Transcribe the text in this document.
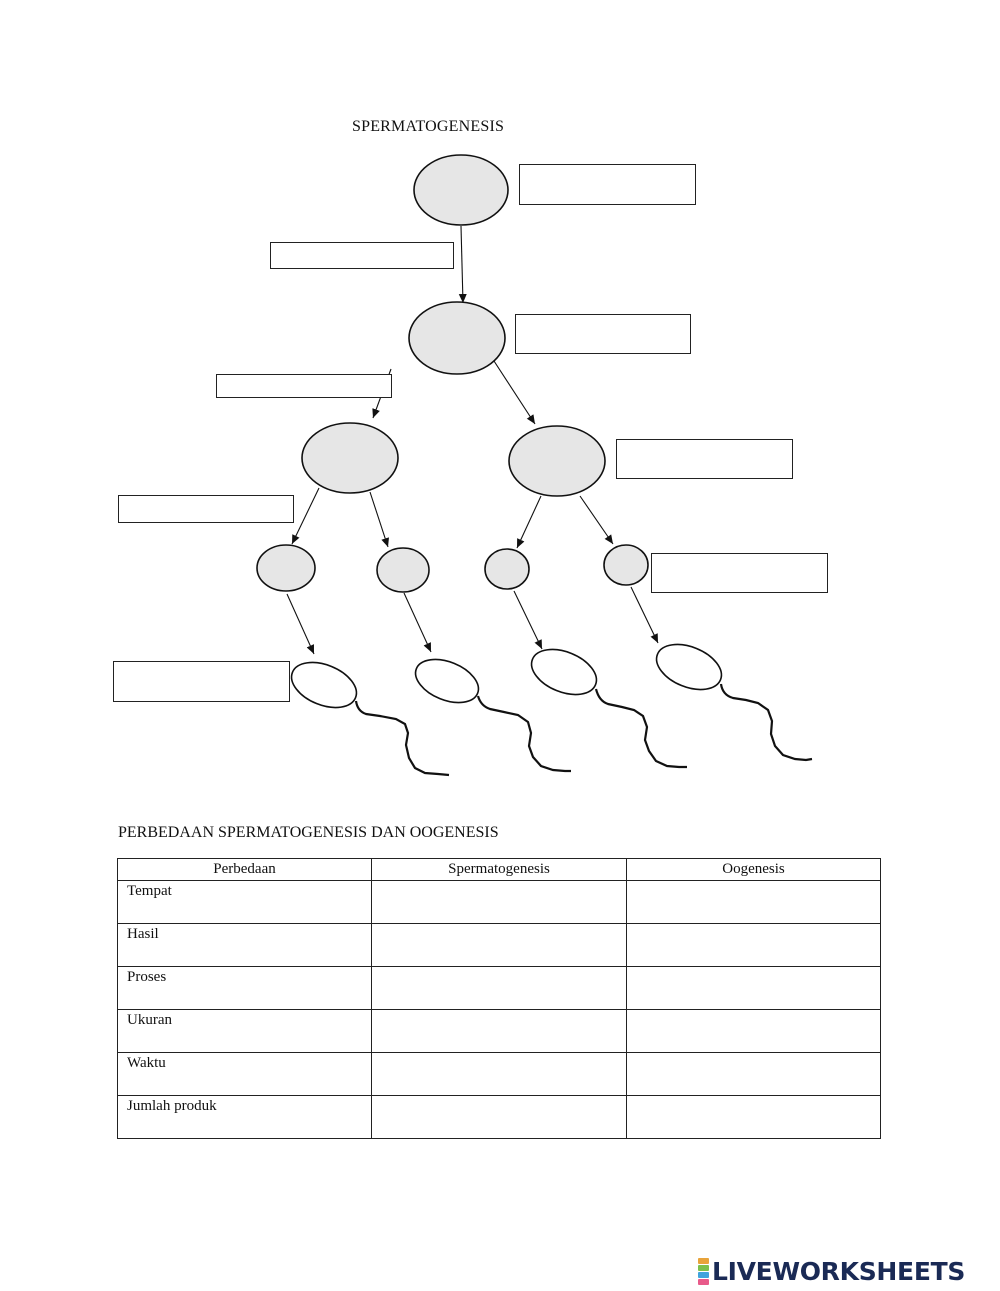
SPERMATOGENESIS
PERBEDAAN SPERMATOGENESIS DAN OOGENESIS
Perbedaan	Spermatogenesis	Oogenesis
Tempat		
Hasil		
Proses		
Ukuran		
Waktu		
Jumlah produk		
LIVEWORKSHEETS
